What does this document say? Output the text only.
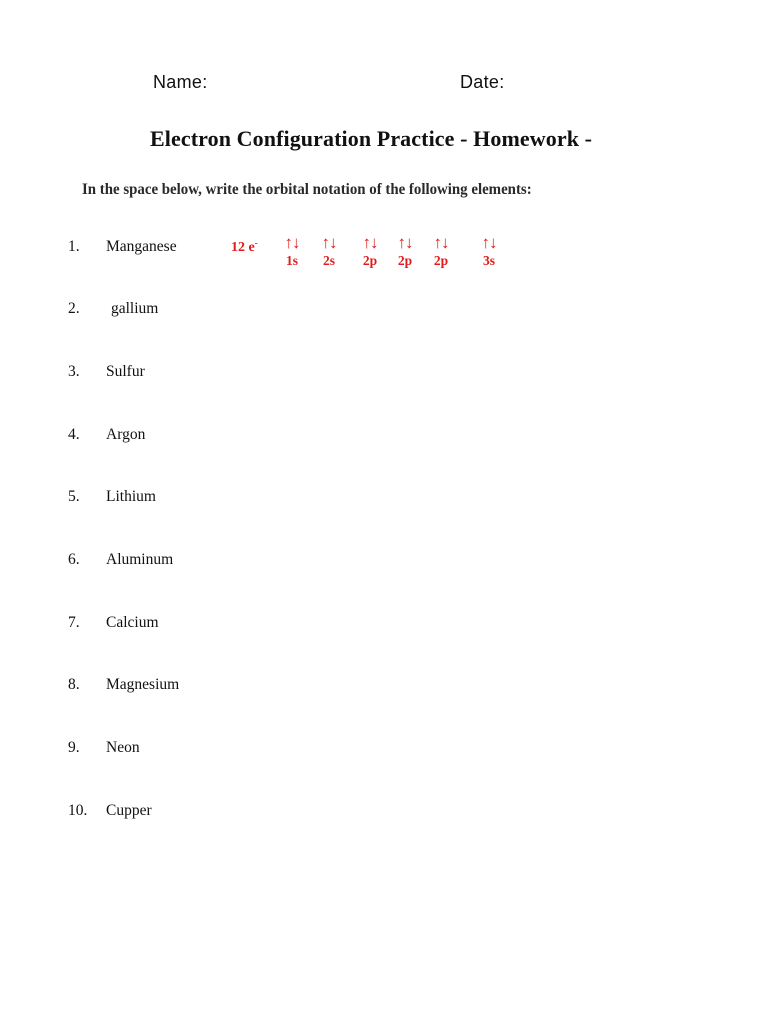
Name:	Date:
Electron Configuration Practice - Homework -
In the space below, write the orbital notation of the following elements:
12 e-	↑↓
1s
↑↓
2s
↑↓
2p
↑↓
2p
↑↓
2p
↑↓
3s
1. Manganese
2. gallium
3. Sulfur
4. Argon
5. Lithium
6. Aluminum
7. Calcium
8. Magnesium
9. Neon
10. Cupper
